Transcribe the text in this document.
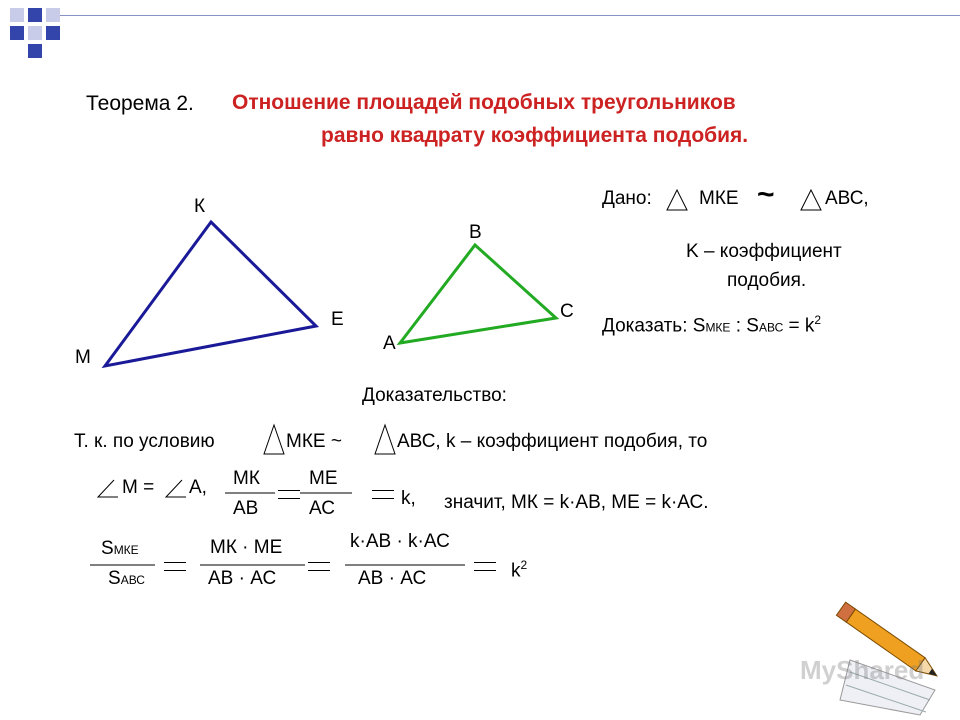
Теорема 2. Отношение площадей подобных треугольников
равно квадрату коэффициента подобия.
К
Е
М
В
С
А
Дано: МКЕ ~	АВС,
K – коэффициент
подобия.
Доказать: SМКЕ : SАВС = $k^2$
Доказательство:
Т. к. по условию	МКЕ ~	АВС, k – коэффициент подобия, то
М = А, МК
АВ
МЕ
АС	k, значит, МК = k·АВ, МЕ = k·АС.
SМКЕ
SАВС
МК · МЕ
АВ · АС
k·АВ · k·АС
АВ · АС	$k^2$
MyShared
